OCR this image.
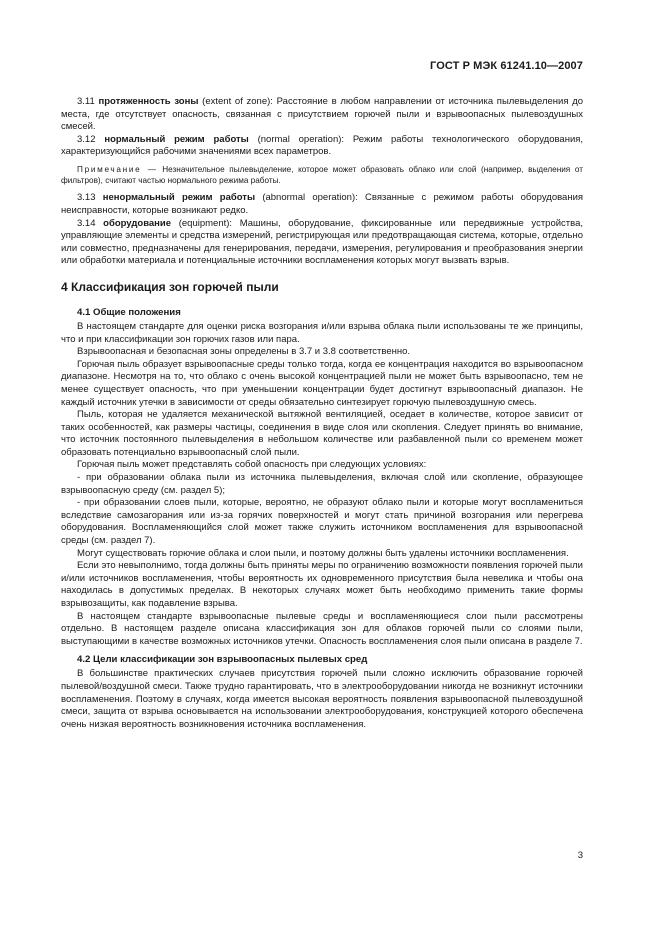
ГОСТ Р МЭК 61241.10—2007

3.11 протяженность зоны (extent of zone): Расстояние в любом направлении от источника пылевыделения до места, где отсутствует опасность, связанная с присутствием горючей пыли и взрывоопасных пылевоздушных смесей.

3.12 нормальный режим работы (normal operation): Режим работы технологического оборудования, характеризующийся рабочими значениями всех параметров.

Примечание — Незначительное пылевыделение, которое может образовать облако или слой (например, выделения от фильтров), считают частью нормального режима работы.

3.13 ненормальный режим работы (abnormal operation): Связанные с режимом работы оборудования неисправности, которые возникают редко.

3.14 оборудование (equipment): Машины, оборудование, фиксированные или передвижные устройства, управляющие элементы и средства измерений, регистрирующая или предотвращающая система, которые, отдельно или совместно, предназначены для генерирования, передачи, измерения, регулирования и преобразования энергии или обработки материала и потенциальные источники воспламенения которых могут вызвать взрыв.

4 Классификация зон горючей пыли
4.1 Общие положения

В настоящем стандарте для оценки риска возгорания и/или взрыва облака пыли использованы те же принципы, что и при классификации зон горючих газов или пара.

Взрывоопасная и безопасная зоны определены в 3.7 и 3.8 соответственно.

Горючая пыль образует взрывоопасные среды только тогда, когда ее концентрация находится во взрывоопасном диапазоне. Несмотря на то, что облако с очень высокой концентрацией пыли не может быть взрывоопасно, тем не менее существует опасность, что при уменьшении концентрации будет достигнут взрывоопасный диапазон. Не каждый источник утечки в зависимости от среды обязательно синтезирует горючую пылевоздушную смесь.

Пыль, которая не удаляется механической вытяжной вентиляцией, оседает в количестве, которое зависит от таких особенностей, как размеры частицы, соединения в виде слоя или скопления. Следует принять во внимание, что источник постоянного пылевыделения в небольшом количестве или разбавленной пыли со временем может образовать потенциально взрывоопасный слой пыли.

Горючая пыль может представлять собой опасность при следующих условиях:

- при образовании облака пыли из источника пылевыделения, включая слой или скопление, образующее взрывоопасную среду (см. раздел 5);

- при образовании слоев пыли, которые, вероятно, не образуют облако пыли и которые могут воспламениться вследствие самозагорания или из-за горячих поверхностей и могут стать причиной возгорания или перегрева оборудования. Воспламеняющийся слой может также служить источником воспламенения для взрывоопасной среды (см. раздел 7).

Могут существовать горючие облака и слои пыли, и поэтому должны быть удалены источники воспламенения.

Если это невыполнимо, тогда должны быть приняты меры по ограничению возможности появления горючей пыли и/или источников воспламенения, чтобы вероятность их одновременного присутствия была невелика и чтобы она находилась в допустимых пределах. В некоторых случаях может быть необходимо применить такие формы взрывозащиты, как подавление взрыва.

В настоящем стандарте взрывоопасные пылевые среды и воспламеняющиеся слои пыли рассмотрены отдельно. В настоящем разделе описана классификация зон для облаков горючей пыли со слоями пыли, выступающими в качестве возможных источников утечки. Опасность воспламенения слоя пыли описана в разделе 7.

4.2 Цели классификации зон взрывоопасных пылевых сред

В большинстве практических случаев присутствия горючей пыли сложно исключить образование горючей пылевой/воздушной смеси. Также трудно гарантировать, что в электрооборудовании никогда не возникнут источники воспламенения. Поэтому в случаях, когда имеется высокая вероятность появления взрывоопасной пылевоздушной смеси, защита от взрыва основывается на использовании электрооборудования, конструкцией которого обеспечена очень низкая вероятность возникновения источника воспламенения.

3
